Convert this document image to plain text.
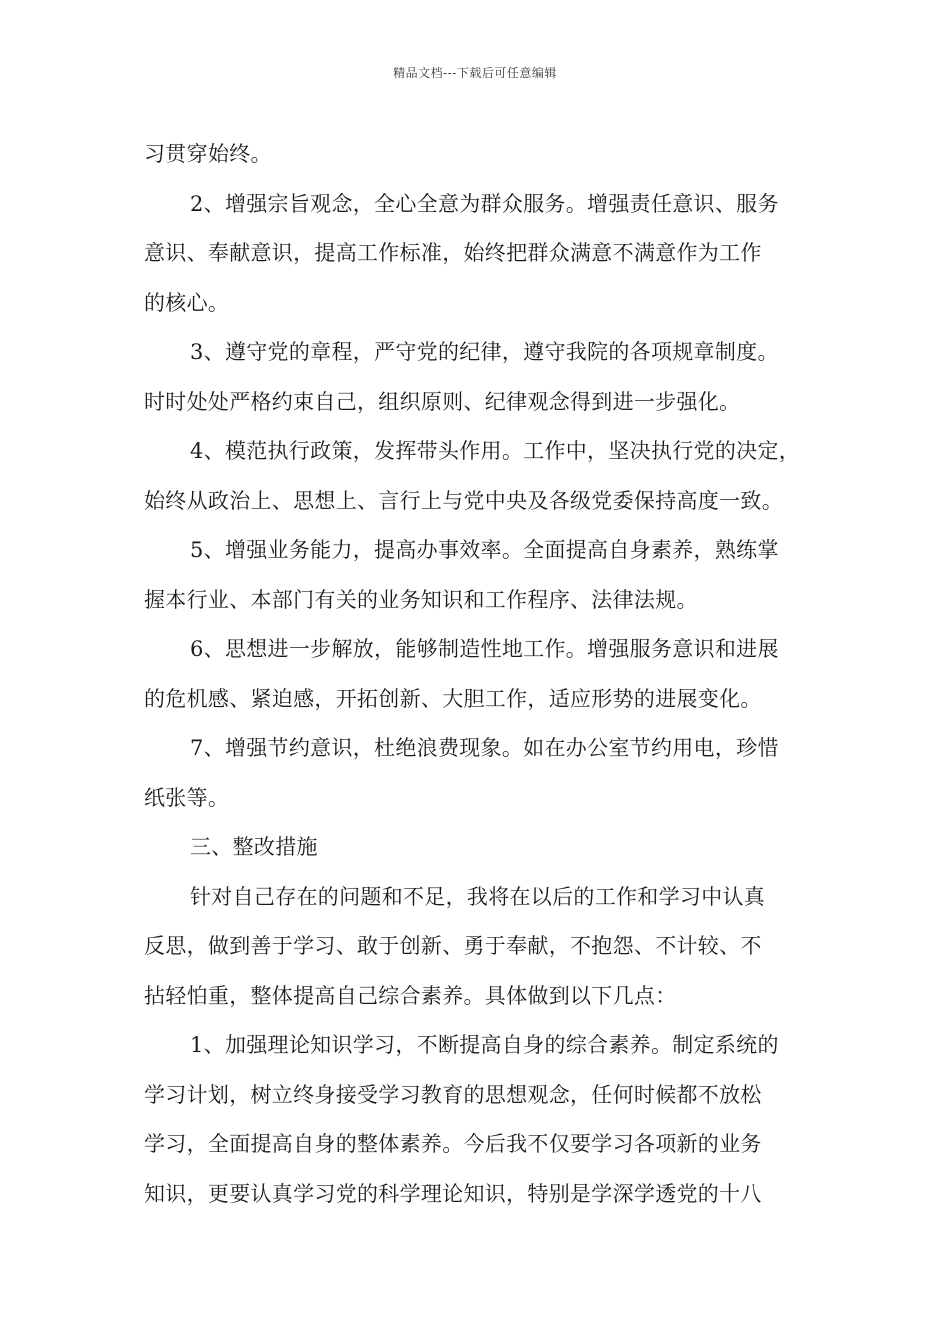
精品文档---下载后可任意编辑
习贯穿始终。
2、增强宗旨观念，全心全意为群众服务。增强责任意识、服务
意识、奉献意识，提高工作标准，始终把群众满意不满意作为工作
的核心。
3、遵守党的章程，严守党的纪律，遵守我院的各项规章制度。
时时处处严格约束自己，组织原则、纪律观念得到进一步强化。
4、模范执行政策，发挥带头作用。工作中，坚决执行党的决定，
始终从政治上、思想上、言行上与党中央及各级党委保持高度一致。
5、增强业务能力，提高办事效率。全面提高自身素养，熟练掌
握本行业、本部门有关的业务知识和工作程序、法律法规。
6、思想进一步解放，能够制造性地工作。增强服务意识和进展
的危机感、紧迫感，开拓创新、大胆工作，适应形势的进展变化。
7、增强节约意识，杜绝浪费现象。如在办公室节约用电，珍惜
纸张等。
三、整改措施
针对自己存在的问题和不足，我将在以后的工作和学习中认真
反思，做到善于学习、敢于创新、勇于奉献，不抱怨、不计较、不
拈轻怕重，整体提高自己综合素养。具体做到以下几点：
1、加强理论知识学习，不断提高自身的综合素养。制定系统的
学习计划，树立终身接受学习教育的思想观念，任何时候都不放松
学习，全面提高自身的整体素养。今后我不仅要学习各项新的业务
知识，更要认真学习党的科学理论知识，特别是学深学透党的十八
